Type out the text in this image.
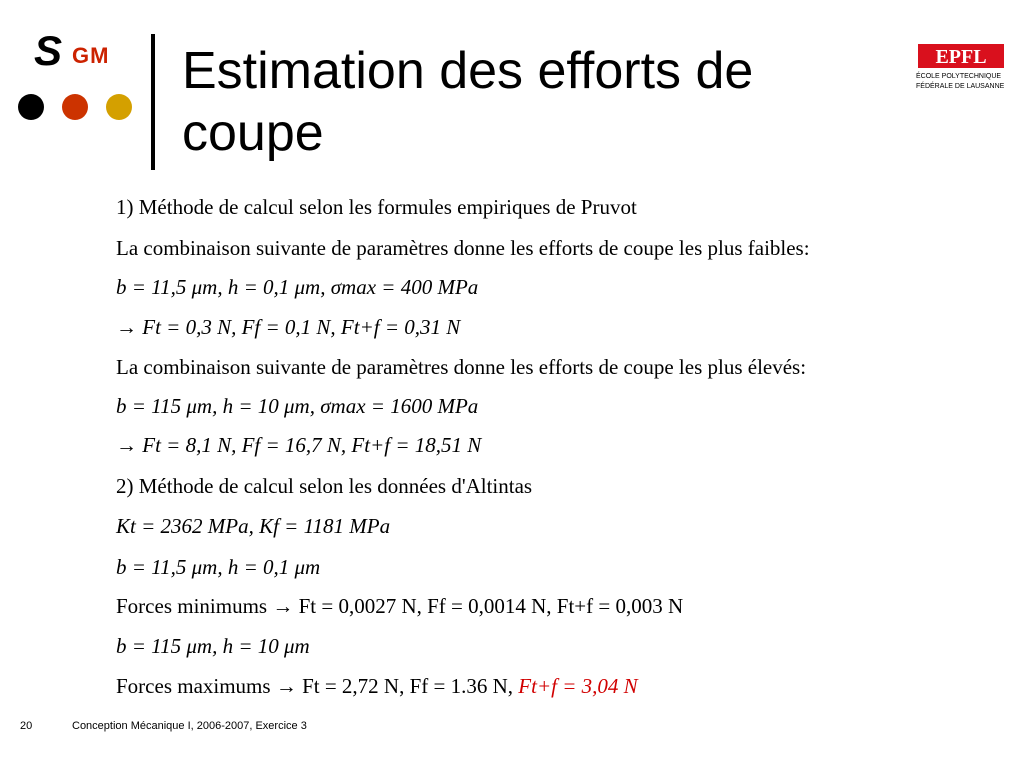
S GM Estimation des efforts de coupe
EPFL
ÉCOLE POLYTECHNIQUE
FÉDÉRALE DE LAUSANNE
1) Méthode de calcul selon les formules empiriques de Pruvot
La combinaison suivante de paramètres donne les efforts de coupe les plus faibles:
b = 11,5 μm, h = 0,1 μm, σmax = 400 MPa
→ Ft = 0,3 N, Ff = 0,1 N, Ft+f = 0,31 N
La combinaison suivante de paramètres donne les efforts de coupe les plus élevés:
b = 115 μm, h = 10 μm, σmax = 1600 MPa
→ Ft = 8,1 N, Ff = 16,7 N, Ft+f = 18,51 N
2) Méthode de calcul selon les données d'Altintas
Kt = 2362 MPa, Kf = 1181 MPa
b = 11,5 μm, h = 0,1 μm
Forces minimums → Ft = 0,0027 N, Ff = 0,0014 N, Ft+f = 0,003 N
b = 115 μm, h = 10 μm
Forces maximums → Ft = 2,72 N, Ff = 1.36 N, Ft+f = 3,04 N
20	Conception Mécanique I, 2006-2007, Exercice 3
